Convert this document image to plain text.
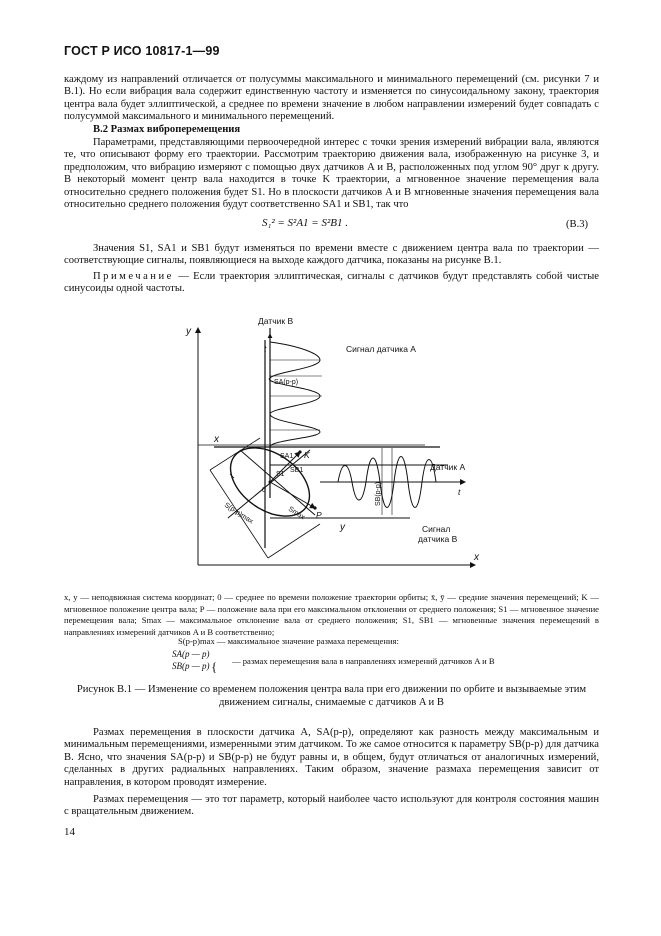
ГОСТ Р ИСО 10817-1—99
каждому из направлений отличается от полусуммы максимального и минимального перемещений (см. рисунки 7 и В.1). Но если вибрация вала содержит единственную частоту и изменяется по синусоидальному закону, траектория центра вала будет эллиптической, а среднее по времени значение в любом направлении измерений будет совпадать с полусуммой максимального и минимального перемещений.
В.2 Размах виброперемещения
Параметрами, представляющими первоочередной интерес с точки зрения измерений вибрации вала, являются те, что описывают форму его траектории. Рассмотрим траекторию движения вала, изображенную на рисунке 3, и предположим, что вибрацию измеряют с помощью двух датчиков A и B, расположенных под углом 90° друг к другу. В некоторый момент центр вала находится в точке K траектории, а мгновенное значение перемещения вала относительно среднего положения будет S1. Но в плоскости датчиков A и B мгновенные значения перемещения вала относительно среднего положения будут соответственно SA1 и SB1, так что
S₁² = S²A1 = S²B1 .	(В.3)
Значения S1, SA1 и SB1 будут изменяться по времени вместе с движением центра вала по траектории — соответствующие сигналы, появляющиеся на выходе каждого датчика, показаны на рисунке В.1.
Примечание — Если траектория эллиптическая, сигналы с датчиков будут представлять собой чистые синусоиды одной частоты.
y
x
x
y
Датчик B
Сигнал датчика A
Датчик A
Сигнал
датчика B
t
t
K
P
0
S1
SA1
SB1
SA(p-p)
SB(p-p)
Smax
S(p-p)max
x, y — неподвижная система координат; 0 — среднее по времени положение траектории орбиты; x̄, ȳ — средние значения перемещений; K — мгновенное положение центра вала; P — положение вала при его максимальном отклонении от среднего положения; S1 — мгновенное значение перемещения вала; Smax — максимальное отклонение вала от среднего положения; S1, SB1 — мгновенные значения перемещений в направлениях измерений датчиков A и B соответственно;
S(p-p)max — максимальное значение размаха перемещения:
SA(p — p)
SB(p — p) { — размах перемещения вала в направлениях измерений датчиков A и B
Рисунок В.1 — Изменение со временем положения центра вала при его движении по орбите и вызываемые этим движением сигналы, снимаемые с датчиков A и B
Размах перемещения в плоскости датчика A, SA(p-p), определяют как разность между максимальным и минимальным перемещениями, измеренными этим датчиком. То же самое относится к параметру SB(p-p) для датчика B. Ясно, что значения SA(p-p) и SB(p-p) не будут равны и, в общем, будут отличаться от аналогичных измерений, сделанных в других радиальных направлениях. Таким образом, значение размаха перемещения зависит от направления, в котором проводят измерение.
Размах перемещения — это тот параметр, который наиболее часто используют для контроля состояния машин с вращательным движением.
14
